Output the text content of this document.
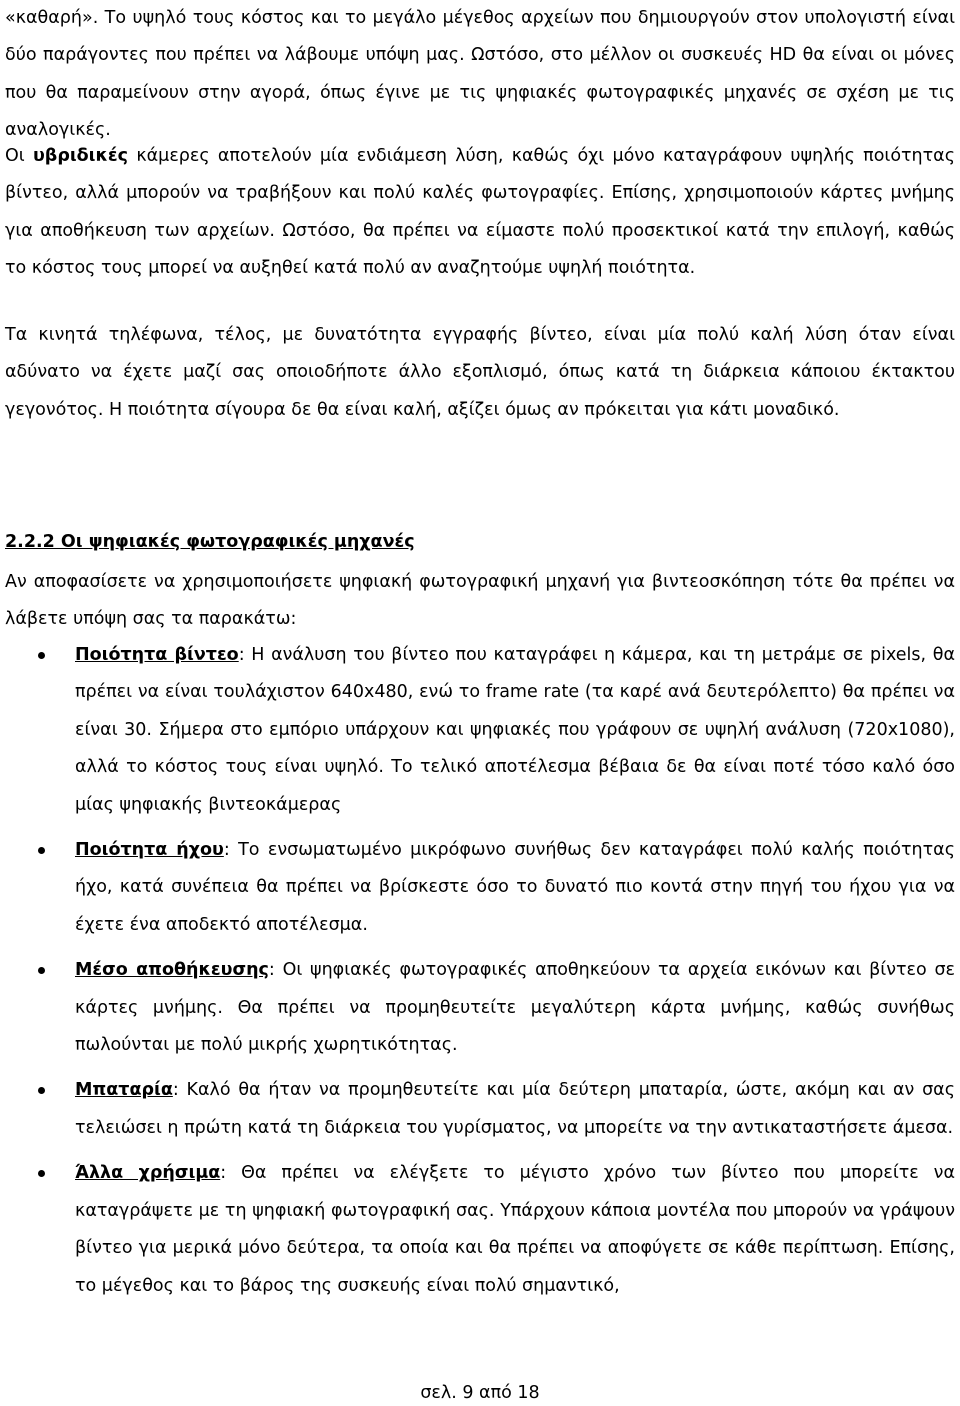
«καθαρή». Το υψηλό τους κόστος και το μεγάλο μέγεθος αρχείων που δημιουργούν στον υπολογιστή είναι δύο παράγοντες που πρέπει να λάβουμε υπόψη μας. Ωστόσο, στο μέλλον οι συσκευές HD θα είναι οι μόνες που θα παραμείνουν στην αγορά, όπως έγινε με τις ψηφιακές φωτογραφικές μηχανές σε σχέση με τις αναλογικές.

Οι υβριδικές κάμερες αποτελούν μία ενδιάμεση λύση, καθώς όχι μόνο καταγράφουν υψηλής ποιότητας βίντεο, αλλά μπορούν να τραβήξουν και πολύ καλές φωτογραφίες. Επίσης, χρησιμοποιούν κάρτες μνήμης για αποθήκευση των αρχείων. Ωστόσο, θα πρέπει να είμαστε πολύ προσεκτικοί κατά την επιλογή, καθώς το κόστος τους μπορεί να αυξηθεί κατά πολύ αν αναζητούμε υψηλή ποιότητα.

Τα κινητά τηλέφωνα, τέλος, με δυνατότητα εγγραφής βίντεο, είναι μία πολύ καλή λύση όταν είναι αδύνατο να έχετε μαζί σας οποιοδήποτε άλλο εξοπλισμό, όπως κατά τη διάρκεια κάποιου έκτακτου γεγονότος. Η ποιότητα σίγουρα δε θα είναι καλή, αξίζει όμως αν πρόκειται για κάτι μοναδικό.

2.2.2 Οι ψηφιακές φωτογραφικές μηχανές

Αν αποφασίσετε να χρησιμοποιήσετε ψηφιακή φωτογραφική μηχανή για βιντεοσκόπηση τότε θα πρέπει να λάβετε υπόψη σας τα παρακάτω:

Ποιότητα βίντεο: Η ανάλυση του βίντεο που καταγράφει η κάμερα, και τη μετράμε σε pixels, θα πρέπει να είναι τουλάχιστον 640x480, ενώ το frame rate (τα καρέ ανά δευτερόλεπτο) θα πρέπει να είναι 30. Σήμερα στο εμπόριο υπάρχουν και ψηφιακές που γράφουν σε υψηλή ανάλυση (720x1080), αλλά το κόστος τους είναι υψηλό. Το τελικό αποτέλεσμα βέβαια δε θα είναι ποτέ τόσο καλό όσο μίας ψηφιακής βιντεοκάμερας
Ποιότητα ήχου: Το ενσωματωμένο μικρόφωνο συνήθως δεν καταγράφει πολύ καλής ποιότητας ήχο, κατά συνέπεια θα πρέπει να βρίσκεστε όσο το δυνατό πιο κοντά στην πηγή του ήχου για να έχετε ένα αποδεκτό αποτέλεσμα.
Μέσο αποθήκευσης: Οι ψηφιακές φωτογραφικές αποθηκεύουν τα αρχεία εικόνων και βίντεο σε κάρτες μνήμης. Θα πρέπει να προμηθευτείτε μεγαλύτερη κάρτα μνήμης, καθώς συνήθως πωλούνται με πολύ μικρής χωρητικότητας.
Μπαταρία: Καλό θα ήταν να προμηθευτείτε και μία δεύτερη μπαταρία, ώστε, ακόμη και αν σας τελειώσει η πρώτη κατά τη διάρκεια του γυρίσματος, να μπορείτε να την αντικαταστήσετε άμεσα.
Άλλα χρήσιμα: Θα πρέπει να ελέγξετε το μέγιστο χρόνο των βίντεο που μπορείτε να καταγράψετε με τη ψηφιακή φωτογραφική σας. Υπάρχουν κάποια μοντέλα που μπορούν να γράψουν βίντεο για μερικά μόνο δεύτερα, τα οποία και θα πρέπει να αποφύγετε σε κάθε περίπτωση. Επίσης, το μέγεθος και το βάρος της συσκευής είναι πολύ σημαντικό,

σελ. 9 από 18
